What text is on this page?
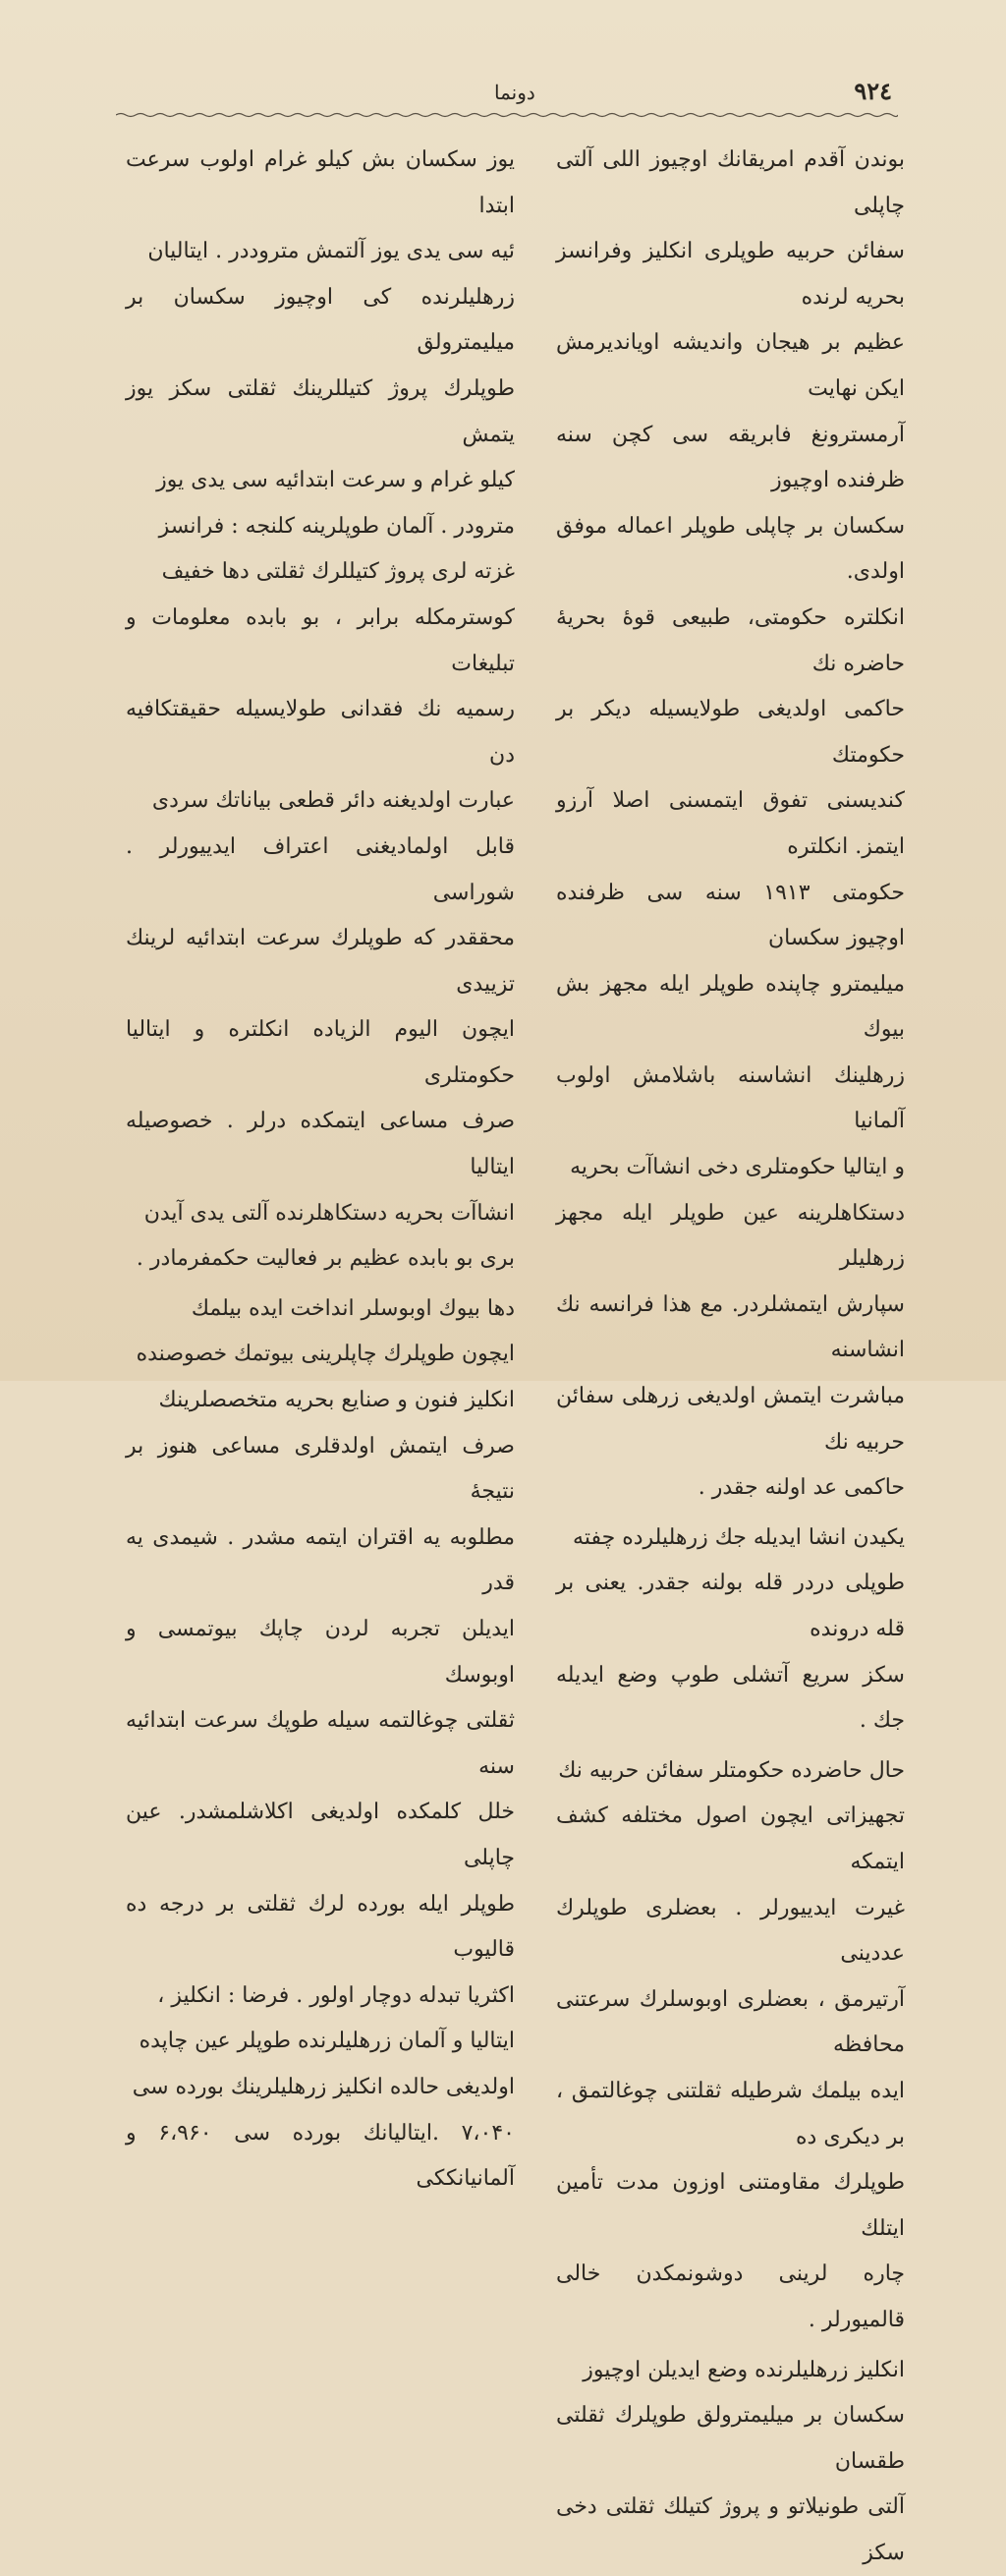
٩٢٤
دونما

بوندن آقدم امریقانك اوچیوز اللی آلتی چاپلی
سفائن حربیه طوپلری انکلیز وفرانسز بحریه لرنده
عظیم بر هیجان واندیشه اویاندیرمش ایکن نهایت
آرمسترونغ فابریقه سی کچن سنه ظرفنده اوچیوز
سکسان بر چاپلی طوپلر اعماله موفق اولدی.
انکلتره حکومتی، طبیعی قوهٔ بحریهٔ حاضره نك
حاکمی اولدیغی طولایسیله دیکر بر حکومتك
کندیسنی تفوق ایتمسنی اصلا آرزو ایتمز. انکلتره
حکومتی ۱۹۱۳ سنه سی ظرفنده اوچیوز سکسان
میلیمترو چاپنده طوپلر ایله مجهز بش بیوك
زرهلینك انشاسنه باشلامش اولوب آلمانیا
و ایتالیا حکومتلری دخی انشاآت بحریه
دستکاهلرینه عین طوپلر ایله مجهز زرهلیلر
سپارش ایتمشلردر. مع هذا فرانسه نك انشاسنه
مباشرت ایتمش اولدیغی زرهلی سفائن حربیه نك
حاکمی عد اولنه جقدر .

یکیدن انشا ایدیله جك زرهلیلرده چفته
طوپلی دردر قله بولنه جقدر. یعنی بر قله درونده
سکز سریع آتشلی طوپ وضع ایدیله جك .

حال حاضرده حکومتلر سفائن حربیه نك
تجهیزاتی ایچون اصول مختلفه کشف ایتمکه
غیرت ایدییورلر . بعضلری طوپلرك عددینی
آرتیرمق ، بعضلری اوبوسلرك سرعتنی محافظه
ایده بیلمك شرطیله ثقلتنی چوغالتمق ، بر دیکری ده
طوپلرك مقاومتنی اوزون مدت تأمین ایتلك
چاره لرینی دوشونمکدن خالی قالمیورلر .

انکلیز زرهلیلرنده وضع ایدیلن اوچیوز
سکسان بر میلیمترولق طوپلرك ثقلتی طقسان
آلتی طونیلاتو و پروژ کتیلك ثقلتی دخی سکز

یوز سکسان بش کیلو غرام اولوب سرعت ابتدا
ئیه سی یدی یوز آلتمش متروددر . ایتالیان
زرهلیلرنده کی اوچیوز سکسان بر میلیمترولق
طوپلرك پروژ کتیللرینك ثقلتی سکز یوز یتمش
کیلو غرام و سرعت ابتدائیه سی یدی یوز
مترودر . آلمان طوپلرینه کلنجه : فرانسز
غزته لری پروژ کتیللرك ثقلتی دها خفیف
کوسترمکله برابر ، بو بابده معلومات و تبلیغات
رسمیه نك فقدانی طولایسیله حقیقتکافیه دن
عبارت اولدیغنه دائر قطعی بیاناتك سردی
قابل اولمادیغنی اعتراف ایدییورلر . شوراسی
محققدر که طوپلرك سرعت ابتدائیه لرینك تزییدی
ایچون الیوم الزیاده انکلتره و ایتالیا حکومتلری
صرف مساعی ایتمکده درلر . خصوصیله ایتالیا
انشاآت بحریه دستکاهلرنده آلتی یدی آیدن
بری بو بابده عظیم بر فعالیت حکمفرمادر .

دها بیوك اوبوسلر انداخت ایده بیلمك
ایچون طوپلرك چاپلرینی بیوتمك خصوصنده
انکلیز فنون و صنایع بحریه متخصصلرینك
صرف ایتمش اولدقلری مساعی هنوز بر نتیجهٔ
مطلوبه یه اقتران ایتمه مشدر . شیمدی یه قدر
ایدیلن تجربه لردن چاپك بیوتمسی و اوبوسك
ثقلتی چوغالتمه سیله طوپك سرعت ابتدائیه سنه
خلل کلمکده اولدیغی اکلاشلمشدر. عین چاپلی
طوپلر ایله بورده لرك ثقلتی بر درجه ده قالیوب
اکثریا تبدله دوچار اولور . فرضا : انکلیز ،
ایتالیا و آلمان زرهلیلرنده طوپلر عین چاپده
اولدیغی حالده انکلیز زرهلیلرینك بورده سی
۷،۰۴۰ .ایتالیانك بورده سی ۶،۹۶۰ و آلمانیانککی
